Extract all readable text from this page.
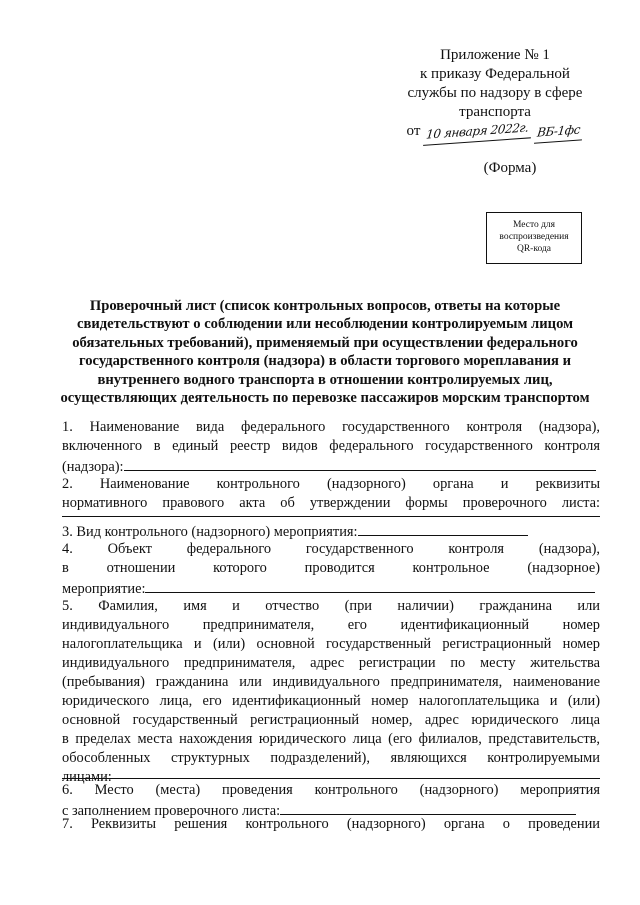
Приложение № 1
к приказу Федеральной
службы по надзору в сфере
транспорта
от 10 января 2022г. ВБ-1фс
(Форма)
Место для
воспроизведения
QR-кода
Проверочный лист (список контрольных вопросов, ответы на которые
свидетельствуют о соблюдении или несоблюдении контролируемым лицом
обязательных требований), применяемый при осуществлении федерального
государственного контроля (надзора) в области торгового мореплавания и
внутреннего водного транспорта в отношении контролируемых лиц,
осуществляющих деятельность по перевозке пассажиров морским транспортом
1. Наименование вида федерального государственного контроля (надзора),
включенного в единый реестр видов федерального государственного контроля
(надзора):
2. Наименование контрольного (надзорного) органа и реквизиты
нормативного правового акта об утверждении формы проверочного листа:
3. Вид контрольного (надзорного) мероприятия:
4. Объект федерального государственного контроля (надзора),
в отношении которого проводится контрольное (надзорное)
мероприятие:
5. Фамилия, имя и отчество (при наличии) гражданина или
индивидуального предпринимателя, его идентификационный номер
налогоплательщика и (или) основной государственный регистрационный номер
индивидуального предпринимателя, адрес регистрации по месту жительства
(пребывания) гражданина или индивидуального предпринимателя, наименование
юридического лица, его идентификационный номер налогоплательщика и (или)
основной государственный регистрационный номер, адрес юридического лица
в пределах места нахождения юридического лица (его филиалов, представительств,
обособленных структурных подразделений), являющихся контролируемыми
лицами:
6. Место (места) проведения контрольного (надзорного) мероприятия
с заполнением проверочного листа:
7. Реквизиты решения контрольного (надзорного) органа о проведении
